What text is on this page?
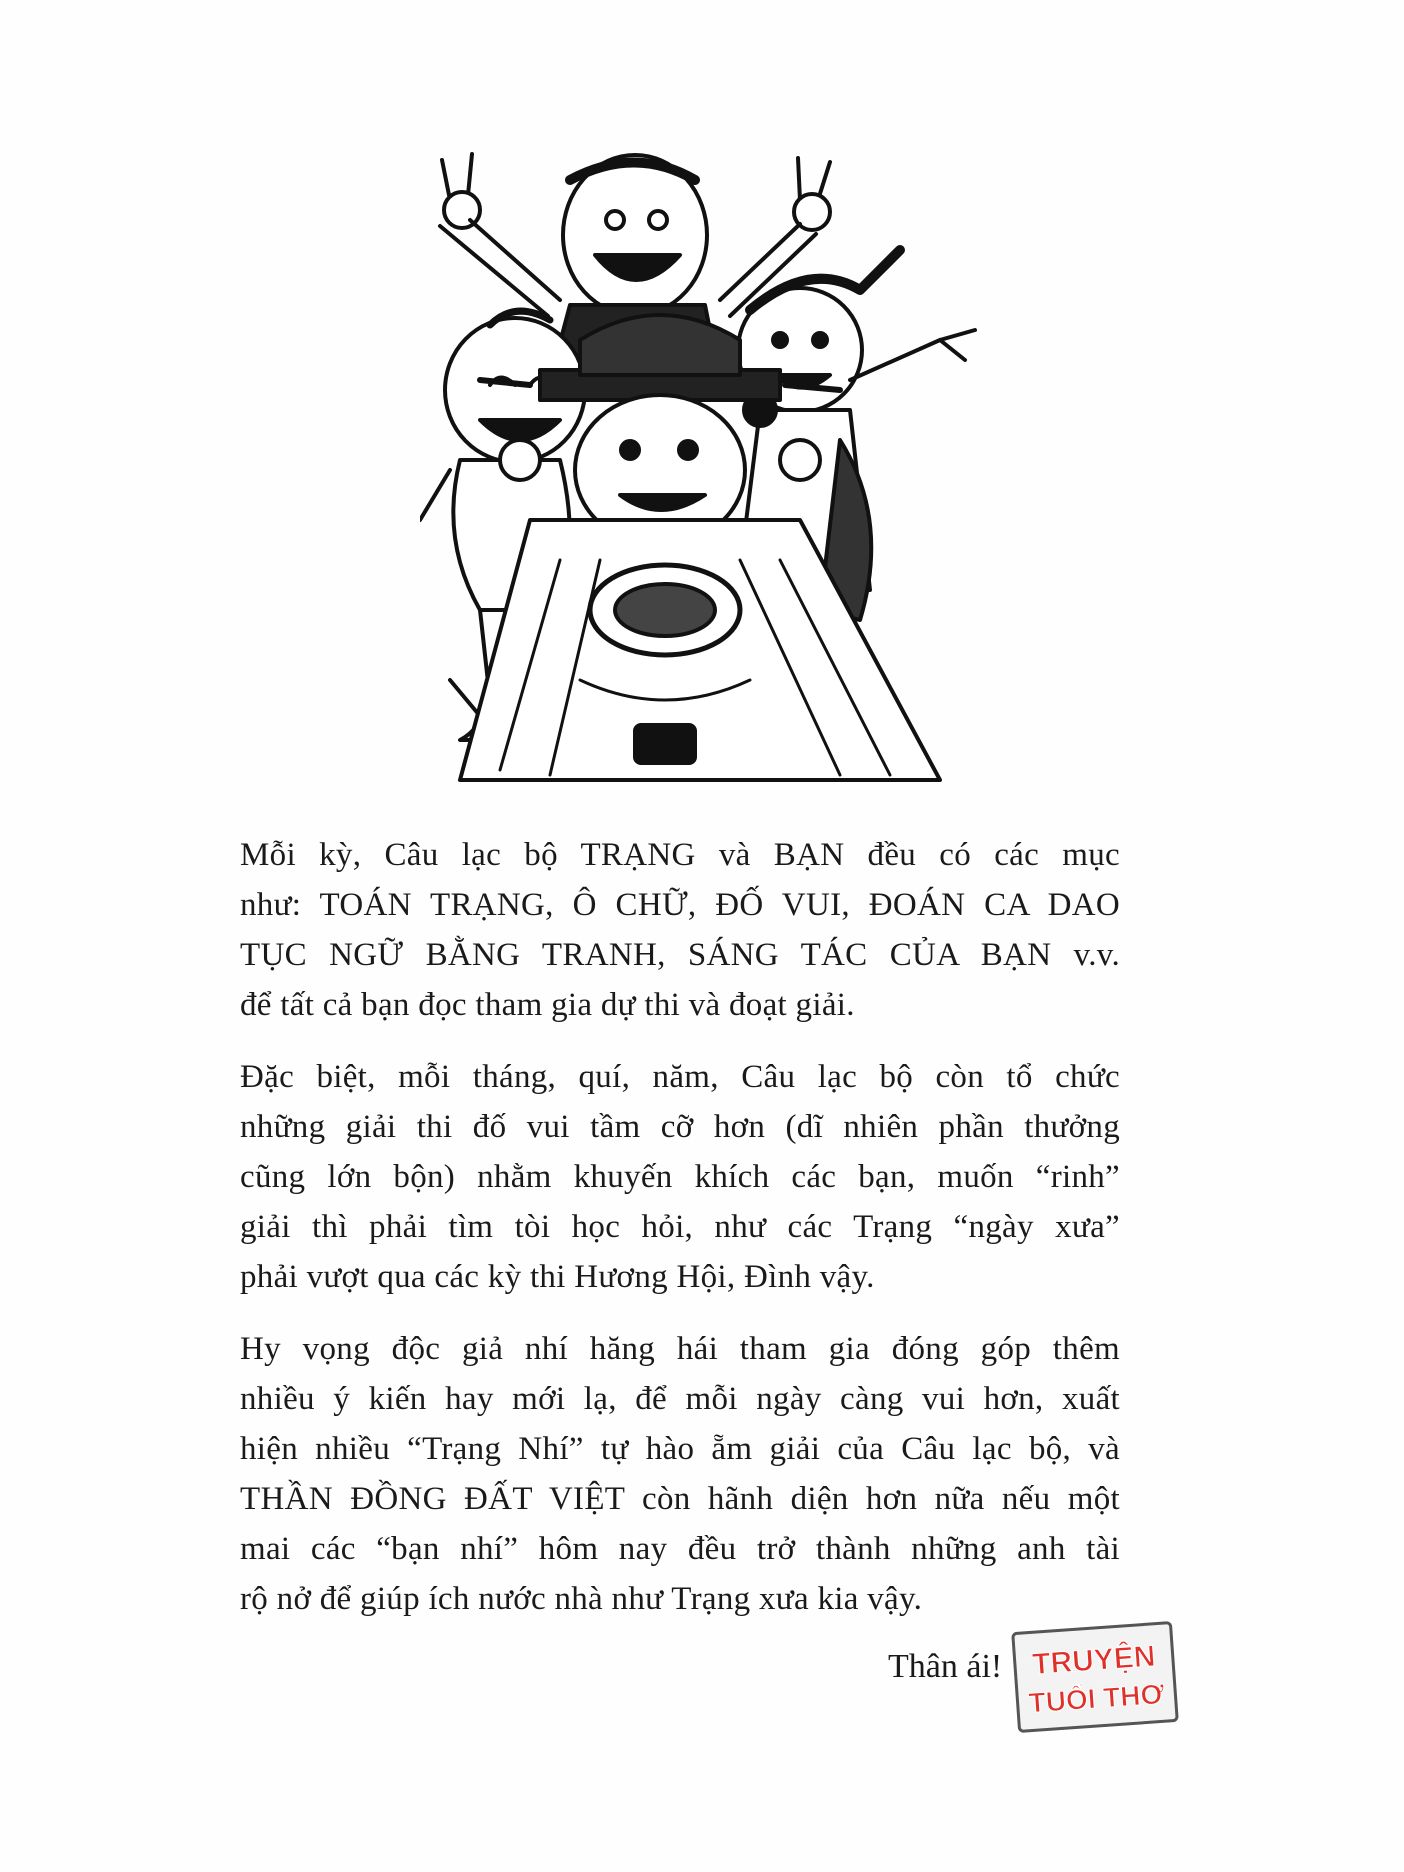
Mỗi kỳ, Câu lạc bộ TRẠNG và BẠN đều có các mục
như: TOÁN TRẠNG, Ô CHỮ, ĐỐ VUI, ĐOÁN CA DAO
TỤC NGỮ BẰNG TRANH, SÁNG TÁC CỦA BẠN v.v.
để tất cả bạn đọc tham gia dự thi và đoạt giải.

Đặc biệt, mỗi tháng, quí, năm, Câu lạc bộ còn tổ chức
những giải thi đố vui tầm cỡ hơn (dĩ nhiên phần thưởng
cũng lớn bộn) nhằm khuyến khích các bạn, muốn “rinh”
giải thì phải tìm tòi học hỏi, như các Trạng “ngày xưa”
phải vượt qua các kỳ thi Hương Hội, Đình vậy.

Hy vọng độc giả nhí hăng hái tham gia đóng góp thêm
nhiều ý kiến hay mới lạ, để mỗi ngày càng vui hơn, xuất
hiện nhiều “Trạng Nhí” tự hào ẵm giải của Câu lạc bộ, và
THẦN ĐỒNG ĐẤT VIỆT còn hãnh diện hơn nữa nếu một
mai các “bạn nhí” hôm nay đều trở thành những anh tài
rộ nở để giúp ích nước nhà như Trạng xưa kia vậy.

Thân ái! TRUYỆN
TUỔI THƠ
